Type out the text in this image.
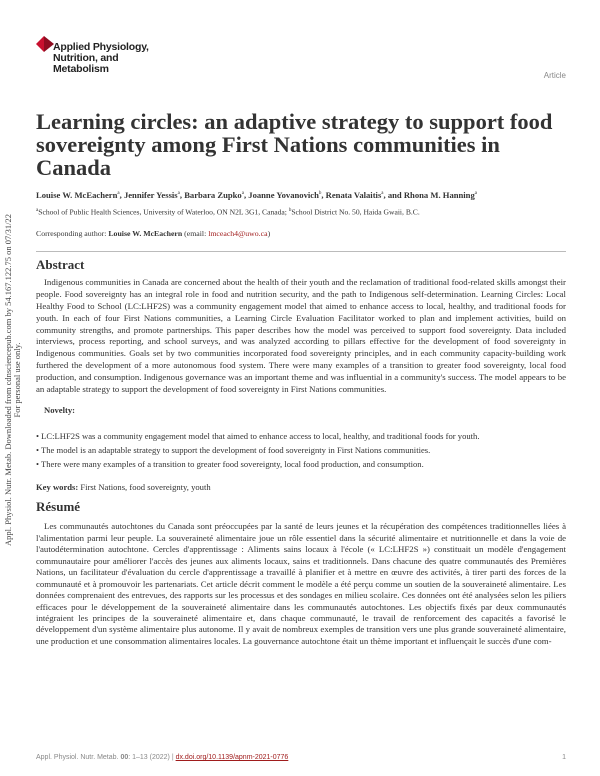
Applied Physiology,
Nutrition, and
Metabolism
Article
Learning circles: an adaptive strategy to support food sovereignty among First Nations communities in Canada
Louise W. McEachern$^a$, Jennifer Yessis$^a$, Barbara Zupko$^a$, Joanne Yovanovich$^b$, Renata Valaitis$^a$, and Rhona M. Hanning$^a$
$^a$School of Public Health Sciences, University of Waterloo, ON N2L 3G1, Canada; $^b$School District No. 50, Haida Gwaii, B.C.
Corresponding author: Louise W. McEachern (email: lmceach4@uwo.ca)
Abstract
Indigenous communities in Canada are concerned about the health of their youth and the reclamation of traditional food-related skills amongst their people. Food sovereignty has an integral role in food and nutrition security, and the path to Indigenous self-determination. Learning Circles: Local Healthy Food to School (LC:LHF2S) was a community engagement model that aimed to enhance access to local, healthy, and traditional foods for youth. In each of four First Nations communities, a Learning Circle Evaluation Facilitator worked to plan and implement activities, build on community strengths, and promote partnerships. This paper describes how the model was perceived to support food sovereignty. Data included interviews, process reporting, and school surveys, and was analyzed according to pillars effective for the development of food sovereignty in Indigenous communities. Goals set by two communities incorporated food sovereignty principles, and in each community capacity-building work furthered the development of a more autonomous food system. There were many examples of a transition to greater food sovereignty, local food production, and consumption. Indigenous governance was an important theme and was influential in a community's success. The model appears to be an adaptable strategy to support the development of food sovereignty in First Nations communities.
Novelty:
• LC:LHF2S was a community engagement model that aimed to enhance access to local, healthy, and traditional foods for youth.
• The model is an adaptable strategy to support the development of food sovereignty in First Nations communities.
• There were many examples of a transition to greater food sovereignty, local food production, and consumption.
Key words: First Nations, food sovereignty, youth
Résumé
Les communautés autochtones du Canada sont préoccupées par la santé de leurs jeunes et la récupération des compétences traditionnelles liées à l'alimentation parmi leur peuple. La souveraineté alimentaire joue un rôle essentiel dans la sécurité alimentaire et nutritionnelle et dans la voie de l'autodétermination autochtone. Cercles d'apprentissage : Aliments sains locaux à l'école (« LC:LHF2S ») constituait un modèle d'engagement communautaire pour améliorer l'accès des jeunes aux aliments locaux, sains et traditionnels. Dans chacune des quatre communautés des Premières Nations, un facilitateur d'évaluation du cercle d'apprentissage a travaillé à planifier et à mettre en œuvre des activités, à tirer parti des forces de la communauté et à promouvoir les partenariats. Cet article décrit comment le modèle a été perçu comme un soutien de la souveraineté alimentaire. Les données comprenaient des entrevues, des rapports sur les processus et des sondages en milieu scolaire. Ces données ont été analysées selon les piliers efficaces pour le développement de la souveraineté alimentaire dans les communautés autochtones. Les objectifs fixés par deux communautés intégraient les principes de la souveraineté alimentaire et, dans chaque communauté, le travail de renforcement des capacités a favorisé le développement d'un système alimentaire plus autonome. Il y avait de nombreux exemples de transition vers une plus grande souveraineté alimentaire, une production et une consommation alimentaires locales. La gouvernance autochtone était un thème important et influençait le succès d'une com-
Appl. Physiol. Nutr. Metab. 00: 1–13 (2022) | dx.doi.org/10.1139/apnm-2021-0776	1
Appl. Physiol. Nutr. Metab. Downloaded from cdnsciencepub.com by 54.167.122.75 on 07/31/22 For personal use only.
